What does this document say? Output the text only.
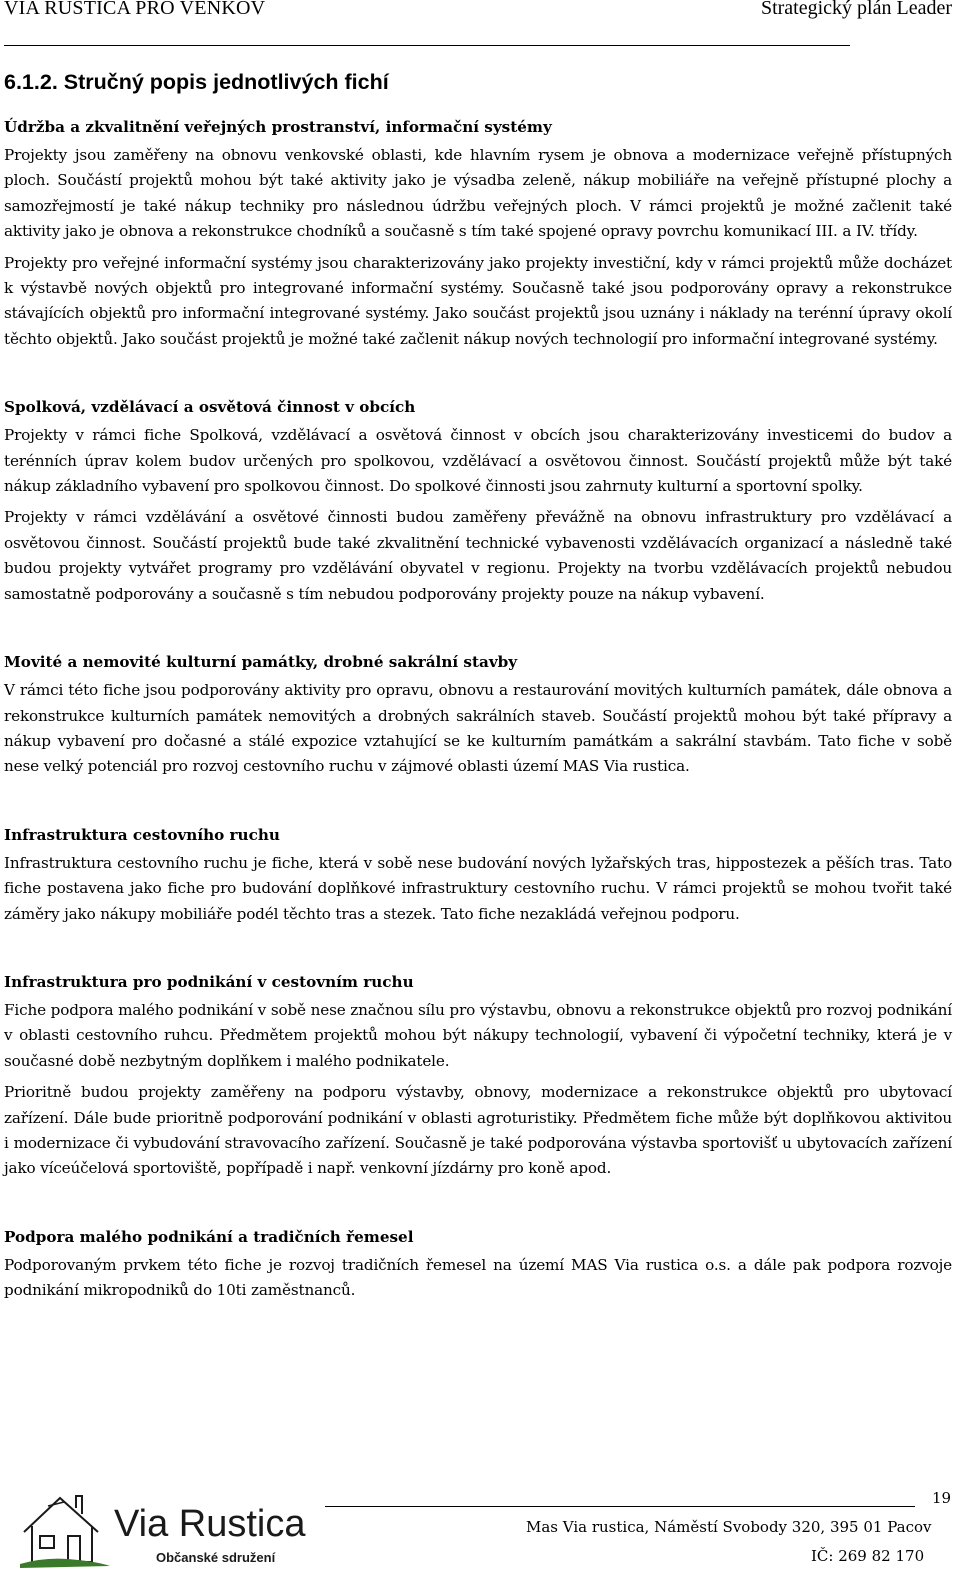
VIA RUSTICA PRO VENKOV	Strategický plán Leader
6.1.2. Stručný popis jednotlivých fichí
Údržba a zkvalitnění veřejných prostranství, informační systémy

Projekty jsou zaměřeny na obnovu venkovské oblasti, kde hlavním rysem je obnova a modernizace veřejně přístupných ploch. Součástí projektů mohou být také aktivity jako je výsadba zeleně, nákup mobiliáře na veřejně přístupné plochy a samozřejmostí je také nákup techniky pro následnou údržbu veřejných ploch. V rámci projektů je možné začlenit také aktivity jako je obnova a rekonstrukce chodníků a současně s tím také spojené opravy povrchu komunikací III. a IV. třídy.

Projekty pro veřejné informační systémy jsou charakterizovány jako projekty investiční, kdy v rámci projektů může docházet k výstavbě nových objektů pro integrované informační systémy. Současně také jsou podporovány opravy a rekonstrukce stávajících objektů pro informační integrované systémy. Jako součást projektů jsou uznány i náklady na terénní úpravy okolí těchto objektů. Jako součást projektů je možné také začlenit nákup nových technologií pro informační integrované systémy.

Spolková, vzdělávací a osvětová činnost v obcích

Projekty v rámci fiche Spolková, vzdělávací a osvětová činnost v obcích jsou charakterizovány investicemi do budov a terénních úprav kolem budov určených pro spolkovou, vzdělávací a osvětovou činnost. Součástí projektů může být také nákup základního vybavení pro spolkovou činnost. Do spolkové činnosti jsou zahrnuty kulturní a sportovní spolky.

Projekty v rámci vzdělávání a osvětové činnosti budou zaměřeny převážně na obnovu infrastruktury pro vzdělávací a osvětovou činnost. Součástí projektů bude také zkvalitnění technické vybavenosti vzdělávacích organizací a následně také budou projekty vytvářet programy pro vzdělávání obyvatel v regionu. Projekty na tvorbu vzdělávacích projektů nebudou samostatně podporovány a současně s tím nebudou podporovány projekty pouze na nákup vybavení.

Movité a nemovité kulturní památky, drobné sakrální stavby

V rámci této fiche jsou podporovány aktivity pro opravu, obnovu a restaurování movitých kulturních památek, dále obnova a rekonstrukce kulturních památek nemovitých a drobných sakrálních staveb. Součástí projektů mohou být také přípravy a nákup vybavení pro dočasné a stálé expozice vztahující se ke kulturním památkám a sakrální stavbám. Tato fiche v sobě nese velký potenciál pro rozvoj cestovního ruchu v zájmové oblasti území MAS Via rustica.

Infrastruktura cestovního ruchu

Infrastruktura cestovního ruchu je fiche, která v sobě nese budování nových lyžařských tras, hippostezek a pěších tras. Tato fiche postavena jako fiche pro budování doplňkové infrastruktury cestovního ruchu. V rámci projektů se mohou tvořit také záměry jako nákupy mobiliáře podél těchto tras a stezek. Tato fiche nezakládá veřejnou podporu.

Infrastruktura pro podnikání v cestovním ruchu

Fiche podpora malého podnikání v sobě nese značnou sílu pro výstavbu, obnovu a rekonstrukce objektů pro rozvoj podnikání v oblasti cestovního ruhcu. Předmětem projektů mohou být nákupy technologií, vybavení či výpočetní techniky, která je v současné době nezbytným doplňkem i malého podnikatele.

Prioritně budou projekty zaměřeny na podporu výstavby, obnovy, modernizace a rekonstrukce objektů pro ubytovací zařízení. Dále bude prioritně podporování podnikání v oblasti agroturistiky. Předmětem fiche může být doplňkovou aktivitou i modernizace či vybudování stravovacího zařízení. Současně je také podporována výstavba sportovišť u ubytovacích zařízení jako víceúčelová sportoviště, popřípadě i např. venkovní jízdárny pro koně apod.

Podpora malého podnikání a tradičních řemesel

Podporovaným prvkem této fiche je rozvoj tradičních řemesel na území MAS Via rustica o.s. a dále pak podpora rozvoje podnikání mikropodniků do 10ti zaměstnanců.

Via Rustica
Občanské sdružení
19
Mas Via rustica, Náměstí Svobody 320, 395 01 Pacov
IČ: 269 82 170
